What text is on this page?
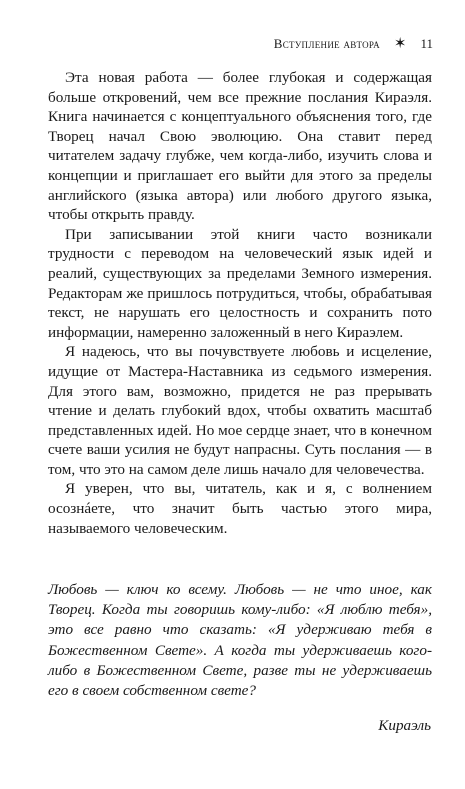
Вступление автора ✶ 11

Эта новая работа — более глубокая и содержащая больше откровений, чем все прежние послания Кираэля. Книга начинается с концептуального объяснения того, где Творец начал Свою эволюцию. Она ставит перед читателем задачу глубже, чем когда-либо, изучить слова и концепции и приглашает его выйти для этого за пределы английского (языка автора) или любого другого языка, чтобы открыть правду.

При записывании этой книги часто возникали трудности с переводом на человеческий язык идей и реалий, существующих за пределами Земного измерения. Редакторам же пришлось потрудиться, чтобы, обрабатывая текст, не нарушать его целостность и сохранить пото информации, намеренно заложенный в него Кираэлем.

Я надеюсь, что вы почувствуете любовь и исцеление, идущие от Мастера-Наставника из седьмого измерения. Для этого вам, возможно, придется не раз прерывать чтение и делать глубокий вдох, чтобы охватить масштаб представленных идей. Но мое сердце знает, что в конечном счете ваши усилия не будут напрасны. Суть послания — в том, что это на самом деле лишь начало для человечества.

Я уверен, что вы, читатель, как и я, с волнением осознáете, что значит быть частью этого мира, называемого человеческим.

Любовь — ключ ко всему. Любовь — не что иное, как Творец. Когда ты говоришь кому-либо: «Я люблю тебя», это все равно что сказать: «Я удерживаю тебя в Божественном Свете». А когда ты удерживаешь кого-либо в Божественном Свете, разве ты не удерживаешь его в своем собственном свете?

Кираэль
